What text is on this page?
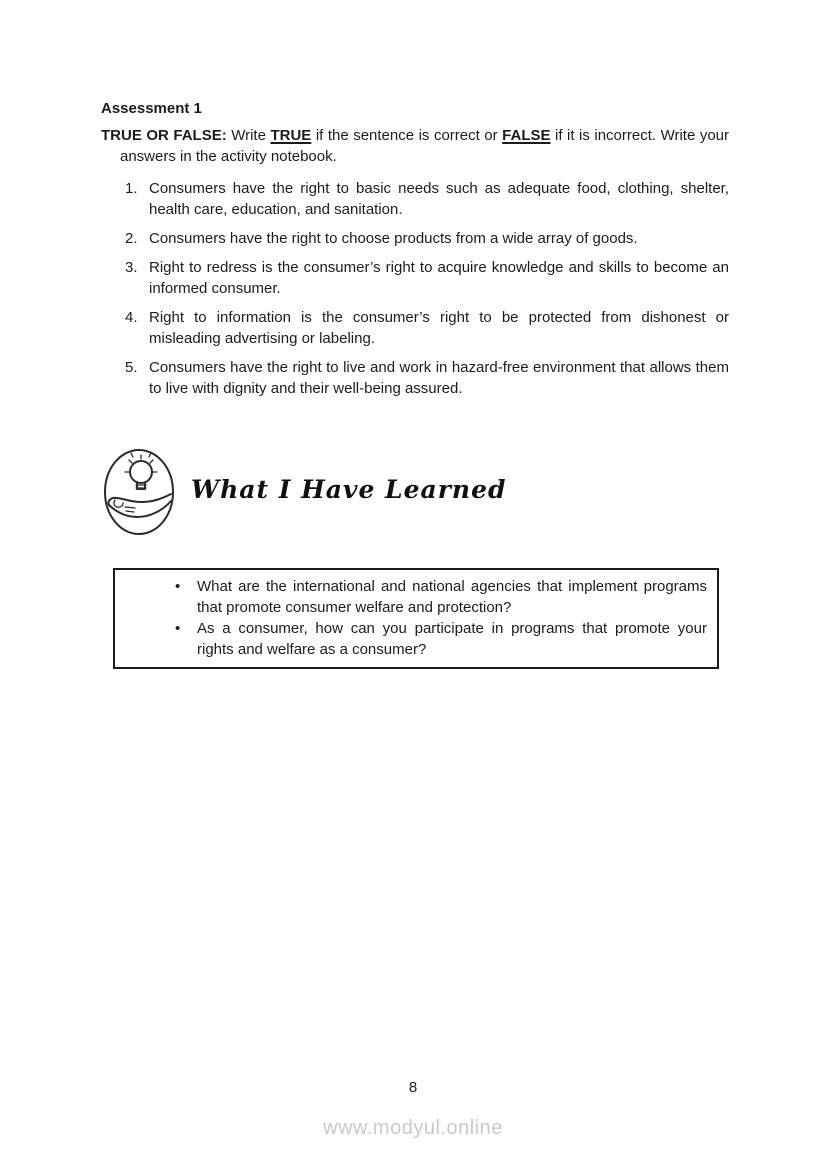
Assessment 1

TRUE OR FALSE: Write TRUE if the sentence is correct or FALSE if it is incorrect. Write your answers in the activity notebook.

1. Consumers have the right to basic needs such as adequate food, clothing, shelter, health care, education, and sanitation.
2. Consumers have the right to choose products from a wide array of goods.
3. Right to redress is the consumer’s right to acquire knowledge and skills to become an informed consumer.
4. Right to information is the consumer’s right to be protected from dishonest or misleading advertising or labeling.
5. Consumers have the right to live and work in hazard-free environment that allows them to live with dignity and their well-being assured.
What I Have Learned
•	What are the international and national agencies that implement programs that promote consumer welfare and protection?
•	As a consumer, how can you participate in programs that promote your rights and welfare as a consumer?
8
www.modyul.online
